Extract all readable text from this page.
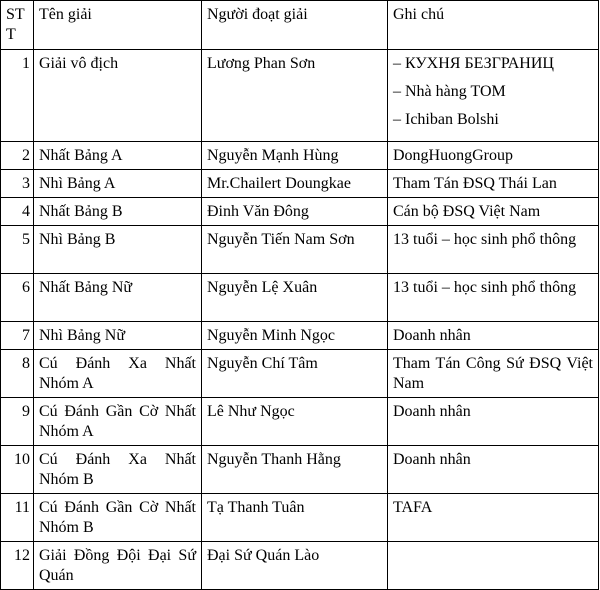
STT	Tên giải	Người đoạt giải	Ghi chú
1	Giải vô địch	Lương Phan Sơn	– КУХНЯ БЕЗГРАНИЦ
– Nhà hàng TOM
– Ichiban Bolshi

2	Nhất Bảng A	Nguyễn Mạnh Hùng	DongHuongGroup

3	Nhì Bảng A	Mr.Chailert Doungkae	Tham Tán ĐSQ Thái Lan

4	Nhất Bảng B	Đinh Văn Đông	Cán bộ ĐSQ Việt Nam

5	Nhì Bảng B	Nguyễn Tiến Nam Sơn	13 tuổi – học sinh phổ thông

6	Nhất Bảng Nữ	Nguyễn Lệ Xuân	13 tuổi – học sinh phổ thông

7	Nhì Bảng Nữ	Nguyễn Minh Ngọc	Doanh nhân

8	Cú Đánh Xa Nhất Nhóm A	Nguyễn Chí Tâm	Tham Tán Công Sứ ĐSQ Việt Nam

9	Cú Đánh Gần Cờ Nhất Nhóm A	Lê Như Ngọc	Doanh nhân

10	Cú Đánh Xa Nhất Nhóm B	Nguyễn Thanh Hằng	Doanh nhân

11	Cú Đánh Gần Cờ Nhất Nhóm B	Tạ Thanh Tuân	TAFA

12	Giải Đồng Đội Đại Sứ Quán	Đại Sứ Quán Lào	
